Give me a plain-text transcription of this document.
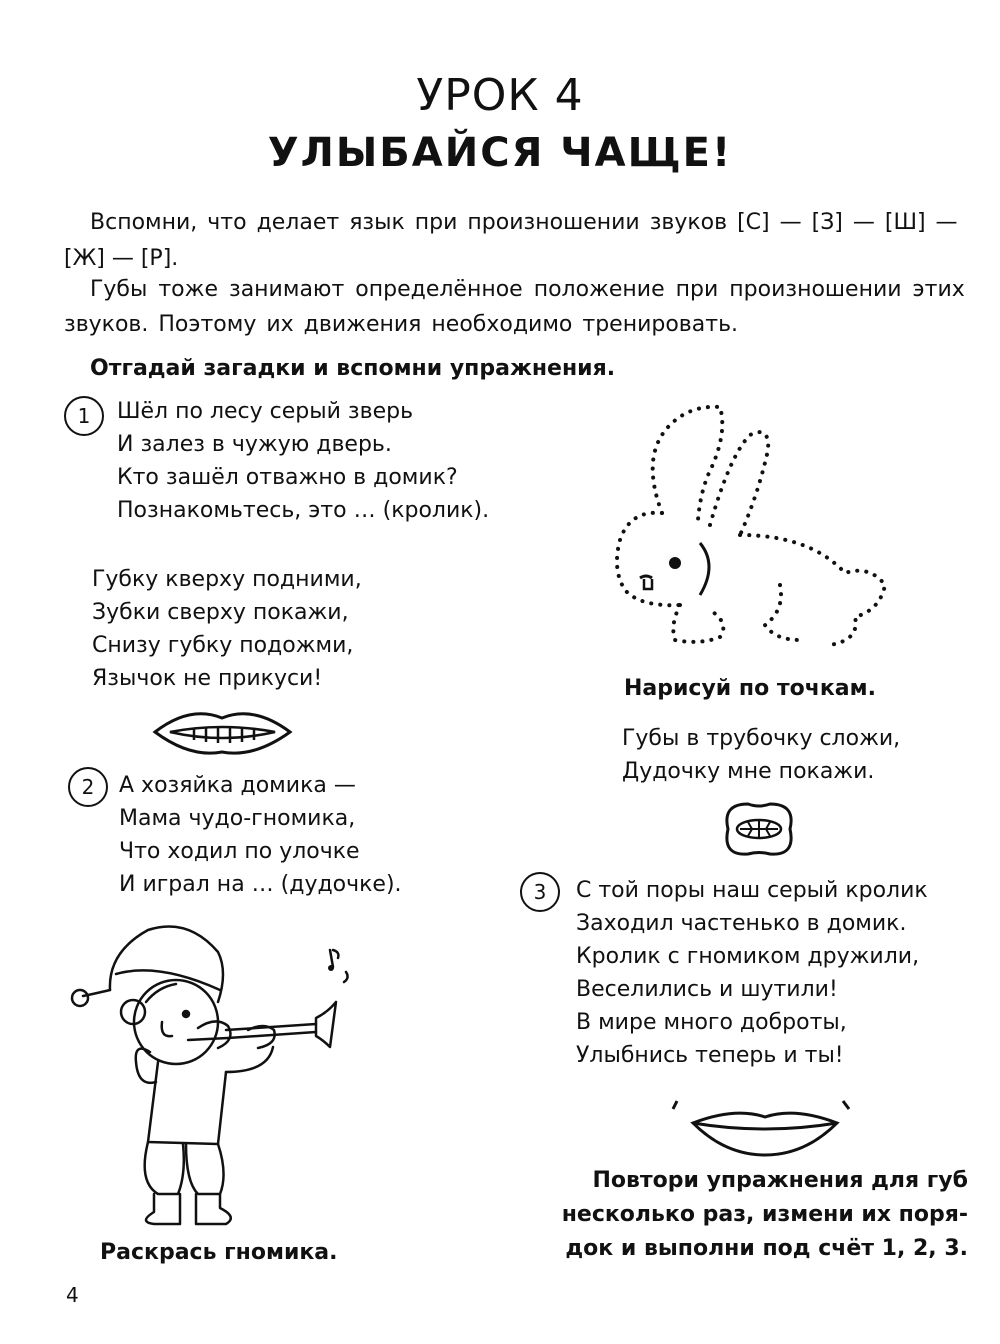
УРОК 4
УЛЫБАЙСЯ ЧАЩЕ!
Вспомни, что делает язык при произношении звуков [С] — [З] — [Ш] —
[Ж] — [Р].
Губы тоже занимают определённое положение при произношении этих
звуков. Поэтому их движения необходимо тренировать.
Отгадай загадки и вспомни упражнения.
1	Шёл по лесу серый зверь
И залез в чужую дверь.
Кто зашёл отважно в домик?
Познакомьтесь, это … (кролик).
Губку кверху подними,
Зубки сверху покажи,
Снизу губку подожми,
Язычок не прикуси!
2	А хозяйка домика —
Мама чудо-гномика,
Что ходил по улочке
И играл на … (дудочке).
Нарисуй по точкам.
Губы в трубочку сложи,
Дудочку мне покажи.
3	С той поры наш серый кролик
Заходил частенько в домик.
Кролик с гномиком дружили,
Веселились и шутили!
В мире много доброты,
Улыбнись теперь и ты!
Раскрась гномика.
Повтори упражнения для губ
несколько раз, измени их поря-
док и выполни под счёт 1, 2, 3.
4
